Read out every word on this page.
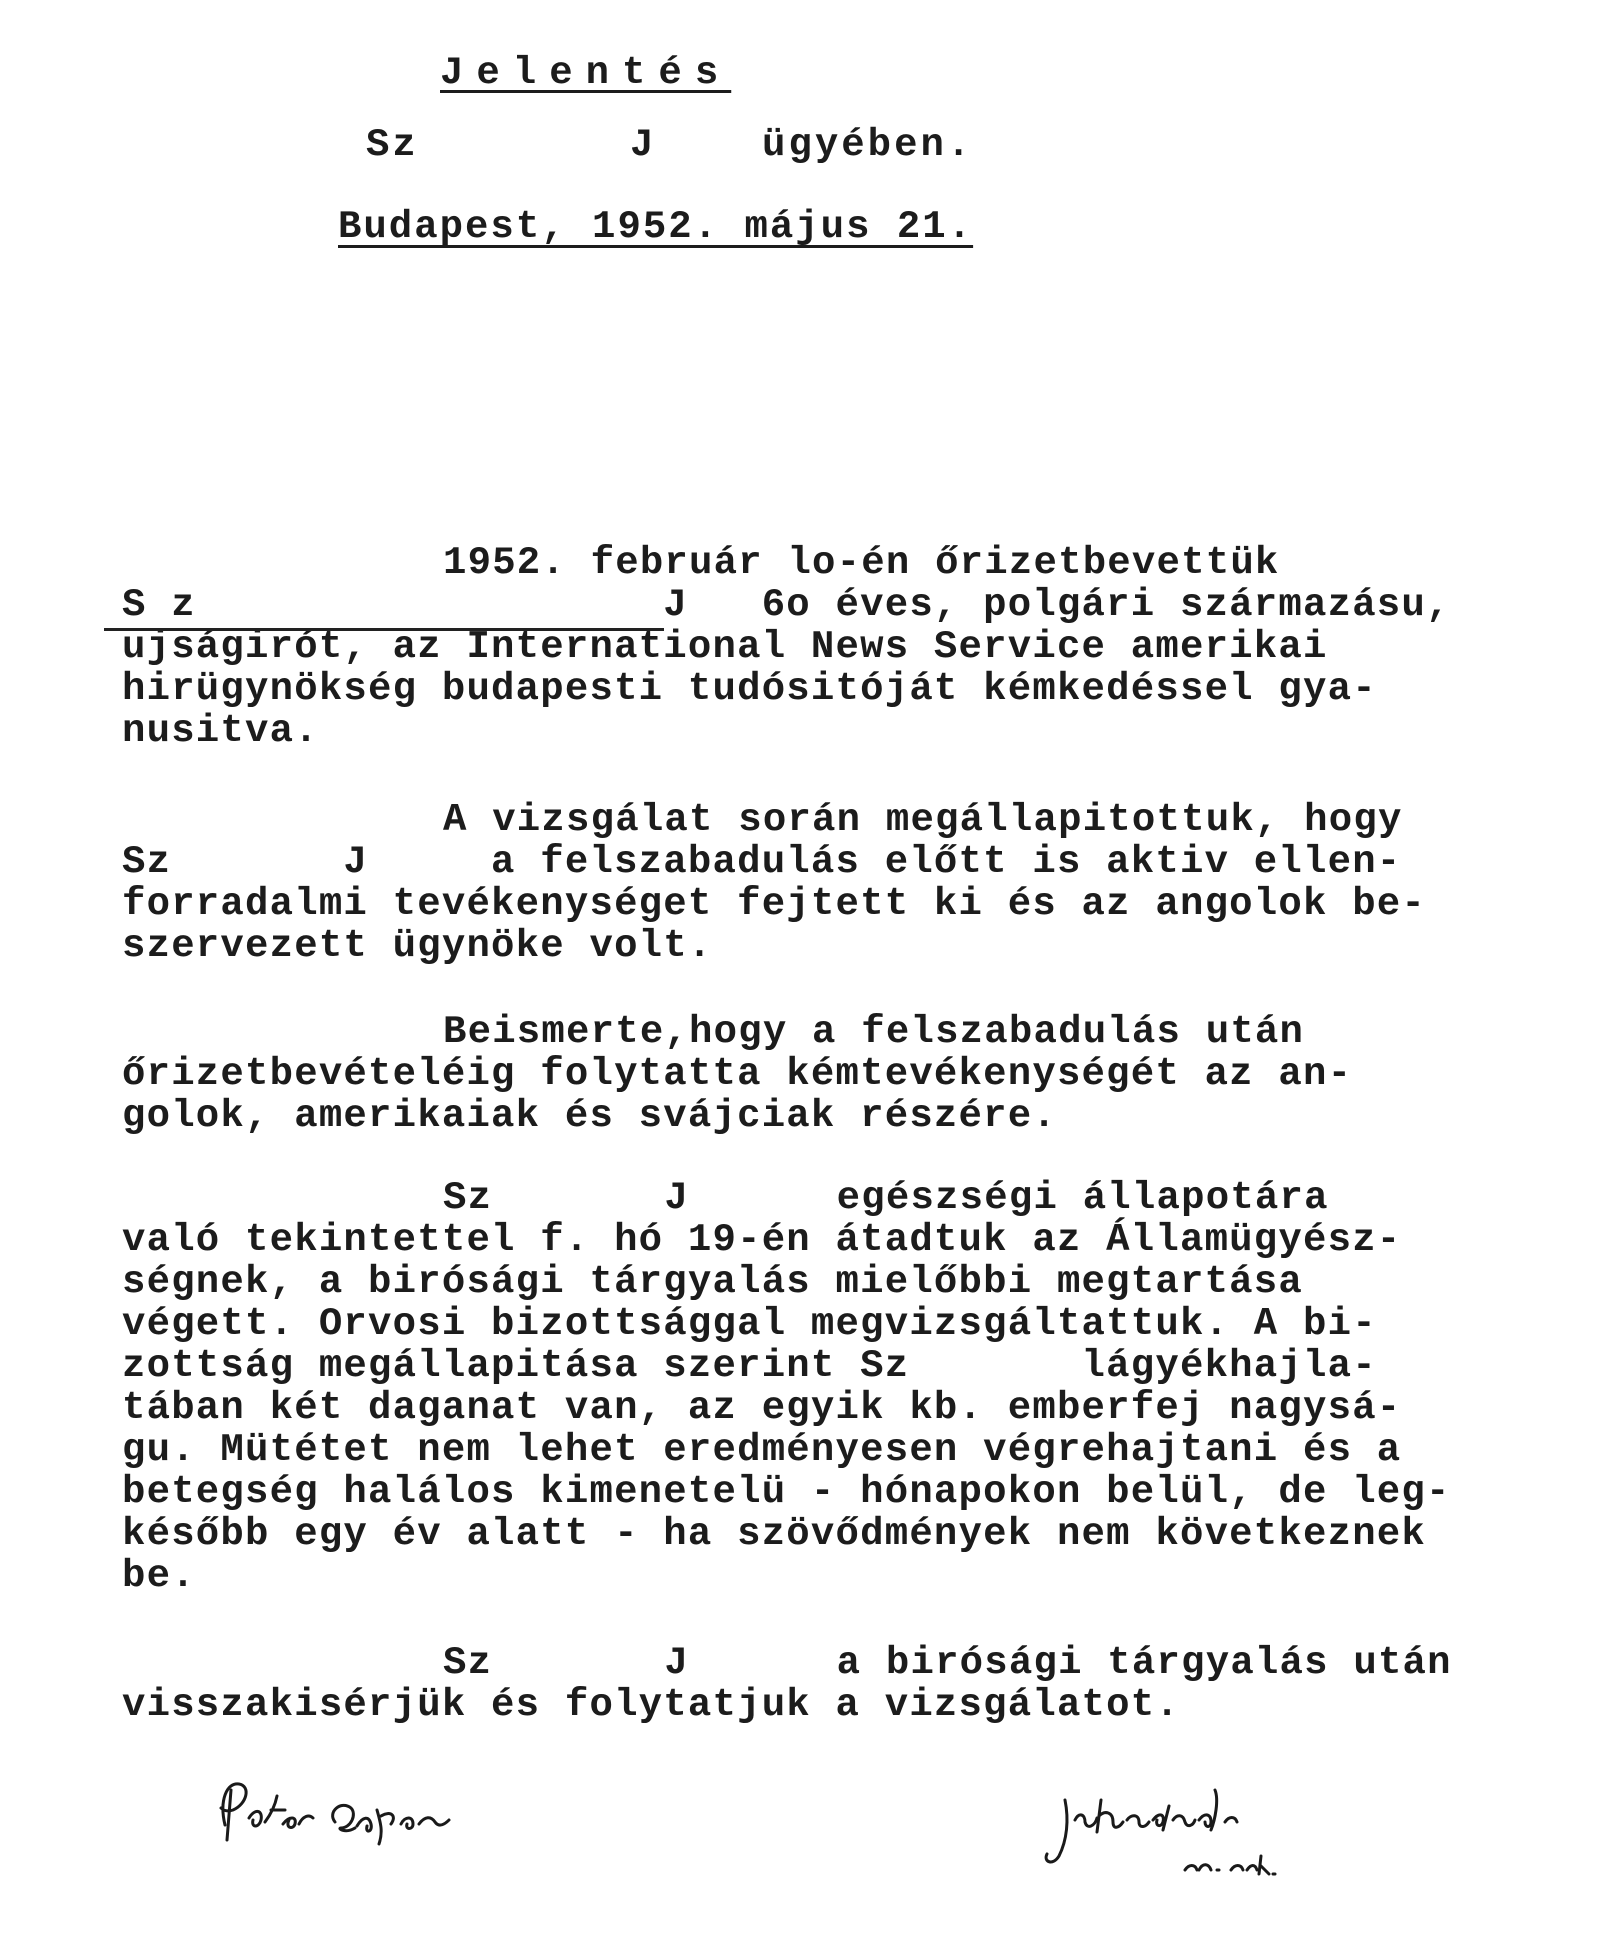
Jelentés
Sz        J    ügyében.
Budapest, 1952. május 21.
1952. február lo-én őrizetbevettük
S z                   J   6o éves, polgári származásu,
ujságirót, az International News Service amerikai
hirügynökség budapesti tudósitóját kémkedéssel gya-
nusitva.
A vizsgálat során megállapitottuk, hogy
Sz       J     a felszabadulás előtt is aktiv ellen-
forradalmi tevékenységet fejtett ki és az angolok be-
szervezett ügynöke volt.
Beismerte,hogy a felszabadulás után
őrizetbevételéig folytatta kémtevékenységét az an-
golok, amerikaiak és svájciak részére.
Sz       J      egészségi állapotára
való tekintettel f. hó 19-én átadtuk az Államügyész-
ségnek, a birósági tárgyalás mielőbbi megtartása
végett. Orvosi bizottsággal megvizsgáltattuk. A bi-
zottság megállapitása szerint Sz       lágyékhajla-
tában két daganat van, az egyik kb. emberfej nagysá-
gu. Mütétet nem lehet eredményesen végrehajtani és a
betegség halálos kimenetelü - hónapokon belül, de leg-
később egy év alatt - ha szövődmények nem következnek
be.
Sz       J      a birósági tárgyalás után
visszakisérjük és folytatjuk a vizsgálatot.
